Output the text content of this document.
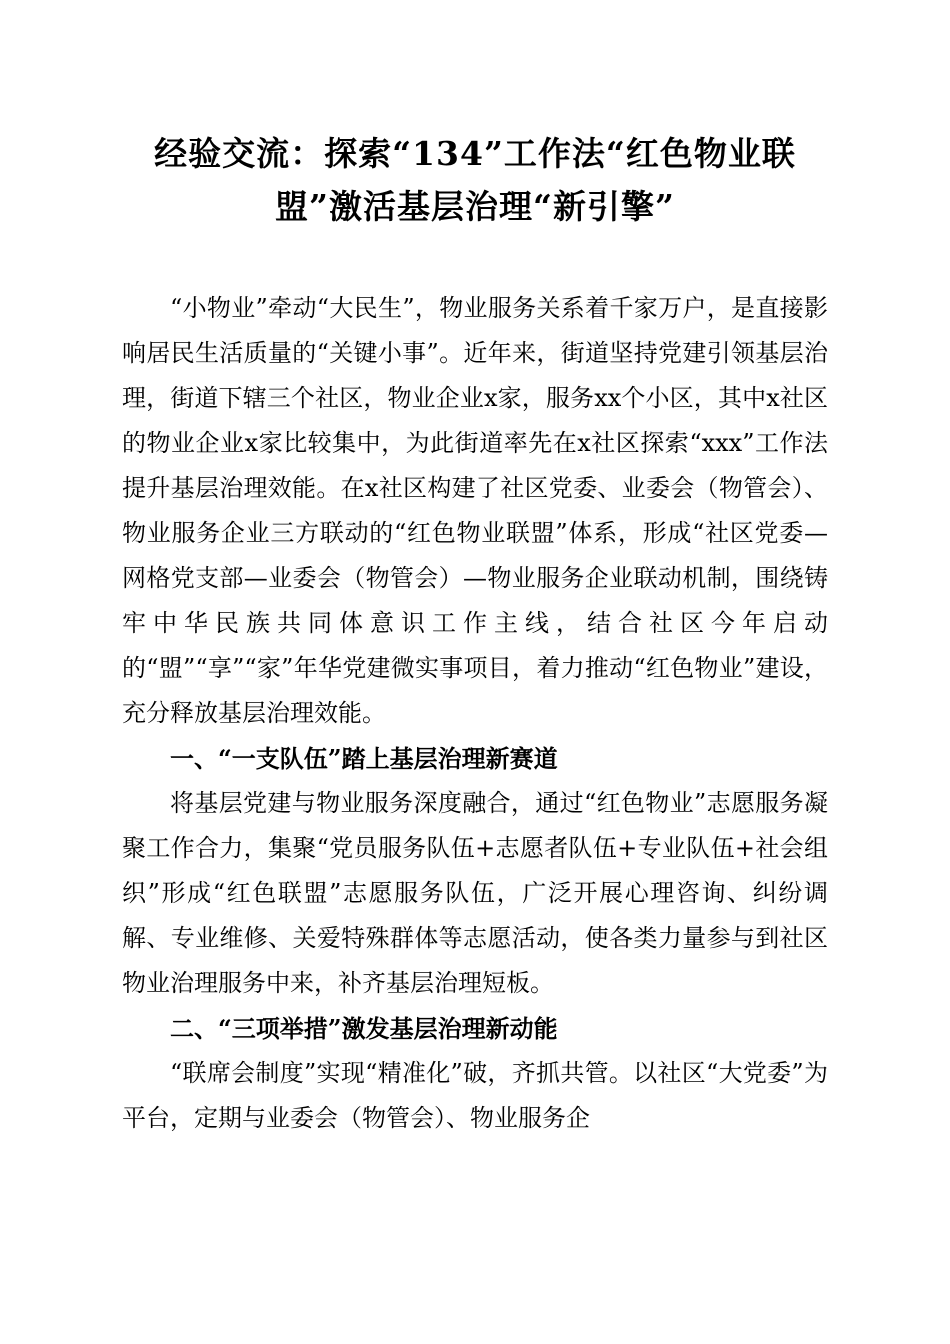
经验交流：探索“134”工作法“红色物业联盟”激活基层治理“新引擎”

“小物业”牵动“大民生”，物业服务关系着千家万户，是直接影响居民生活质量的“关键小事”。近年来，街道坚持党建引领基层治理，街道下辖三个社区，物业企业x家，服务xx个小区，其中x社区的物业企业x家比较集中，为此街道率先在x社区探索“xxx”工作法提升基层治理效能。在x社区构建了社区党委、业委会（物管会）、物业服务企业三方联动的“红色物业联盟”体系，形成“社区党委—网格党支部—业委会（物管会）—物业服务企业联动机制，围绕铸牢中华民族共同体意识工作主线，结合社区今年启动的“盟”“享”“家”年华党建微实事项目，着力推动“红色物业”建设，充分释放基层治理效能。

一、“一支队伍”踏上基层治理新赛道

将基层党建与物业服务深度融合，通过“红色物业”志愿服务凝聚工作合力，集聚“党员服务队伍+志愿者队伍+专业队伍+社会组织”形成“红色联盟”志愿服务队伍，广泛开展心理咨询、纠纷调解、专业维修、关爱特殊群体等志愿活动，使各类力量参与到社区物业治理服务中来，补齐基层治理短板。

二、“三项举措”激发基层治理新动能

“联席会制度”实现“精准化”破，齐抓共管。以社区“大党委”为平台，定期与业委会（物管会）、物业服务企
